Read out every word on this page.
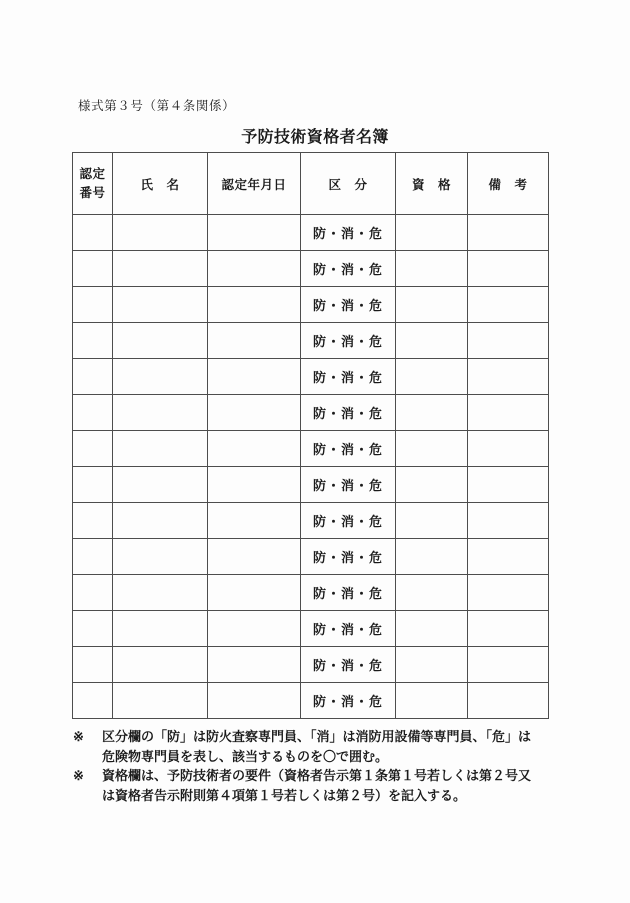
様式第３号（第４条関係）
予防技術資格者名簿
認定
番号	氏　名	認定年月日	区　分	資　格	備　考
			防・消・危		
			防・消・危		
			防・消・危		
			防・消・危		
			防・消・危		
			防・消・危		
			防・消・危		
			防・消・危		
			防・消・危		
			防・消・危		
			防・消・危		
			防・消・危		
			防・消・危		
			防・消・危		
※	区分欄の「防」は防火査察専門員、「消」は消防用設備等専門員、「危」は
危険物専門員を表し、該当するものを〇で囲む。
※	資格欄は、予防技術者の要件（資格者告示第１条第１号若しくは第２号又
は資格者告示附則第４項第１号若しくは第２号）を記入する。
